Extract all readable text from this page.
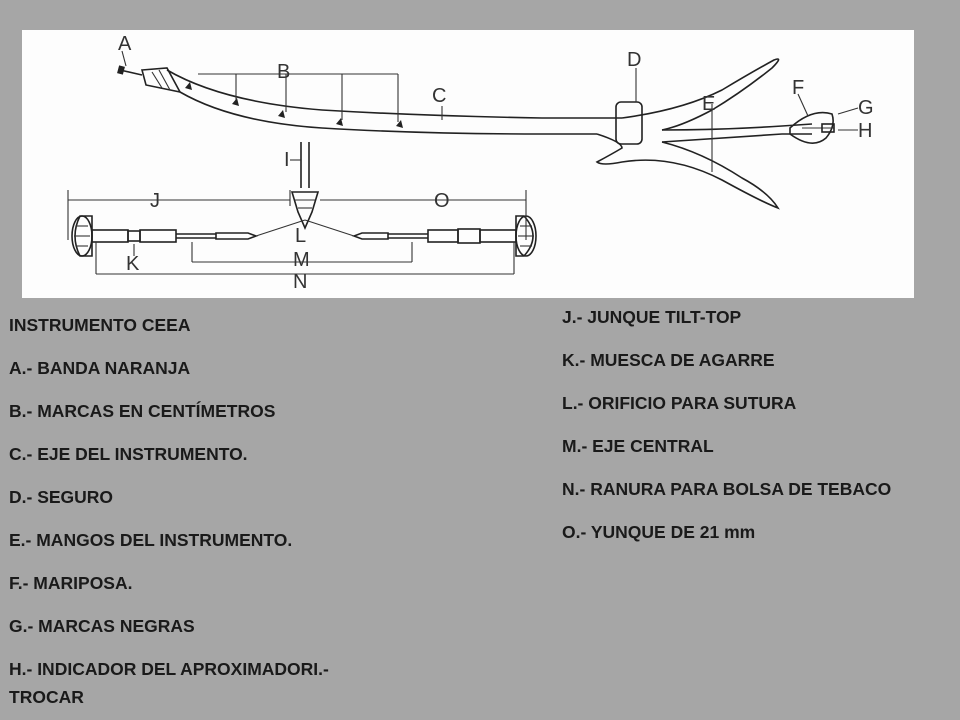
A
B
C
D
E
F
G
H
I
J
K
L
M
N
O
INSTRUMENTO CEEA
A.- BANDA NARANJA
B.- MARCAS EN CENTÍMETROS
C.- EJE DEL INSTRUMENTO.
D.- SEGURO
E.- MANGOS DEL INSTRUMENTO.
F.- MARIPOSA.
G.- MARCAS NEGRAS
H.- INDICADOR DEL APROXIMADORI.-
TROCAR
J.- JUNQUE TILT-TOP
K.- MUESCA DE AGARRE
L.- ORIFICIO PARA SUTURA
M.- EJE CENTRAL
N.- RANURA PARA BOLSA DE TEBACO
O.- YUNQUE DE 21 mm
